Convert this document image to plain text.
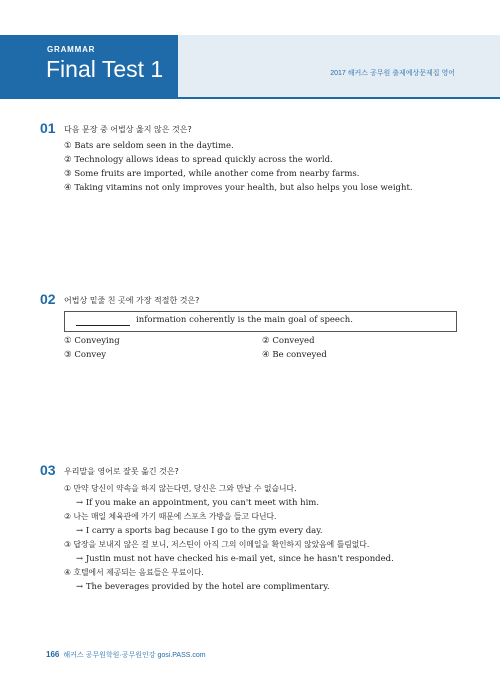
GRAMMAR
Final Test 1	2017 해커스 공무원 출제예상문제집 영어
01 다음 문장 중 어법상 옳지 않은 것은?
① Bats are seldom seen in the daytime.
② Technology allows ideas to spread quickly across the world.
③ Some fruits are imported, while another come from nearby farms.
④ Taking vitamins not only improves your health, but also helps you lose weight.
02 어법상 밑줄 친 곳에 가장 적절한 것은?
information coherently is the main goal of speech.
① Conveying	② Conveyed
③ Convey	④ Be conveyed
03 우리말을 영어로 잘못 옮긴 것은?
① 만약 당신이 약속을 하지 않는다면, 당신은 그와 만날 수 없습니다.
→ If you make an appointment, you can't meet with him.
② 나는 매일 체육관에 가기 때문에 스포츠 가방을 들고 다닌다.
→ I carry a sports bag because I go to the gym every day.
③ 답장을 보내지 않은 걸 보니, 저스틴이 아직 그의 이메일을 확인하지 않았음에 틀림없다.
→ Justin must not have checked his e-mail yet, since he hasn't responded.
④ 호텔에서 제공되는 음료들은 무료이다.
→ The beverages provided by the hotel are complimentary.
166 해커스 공무원학원·공무원인강 gosi.PASS.com
